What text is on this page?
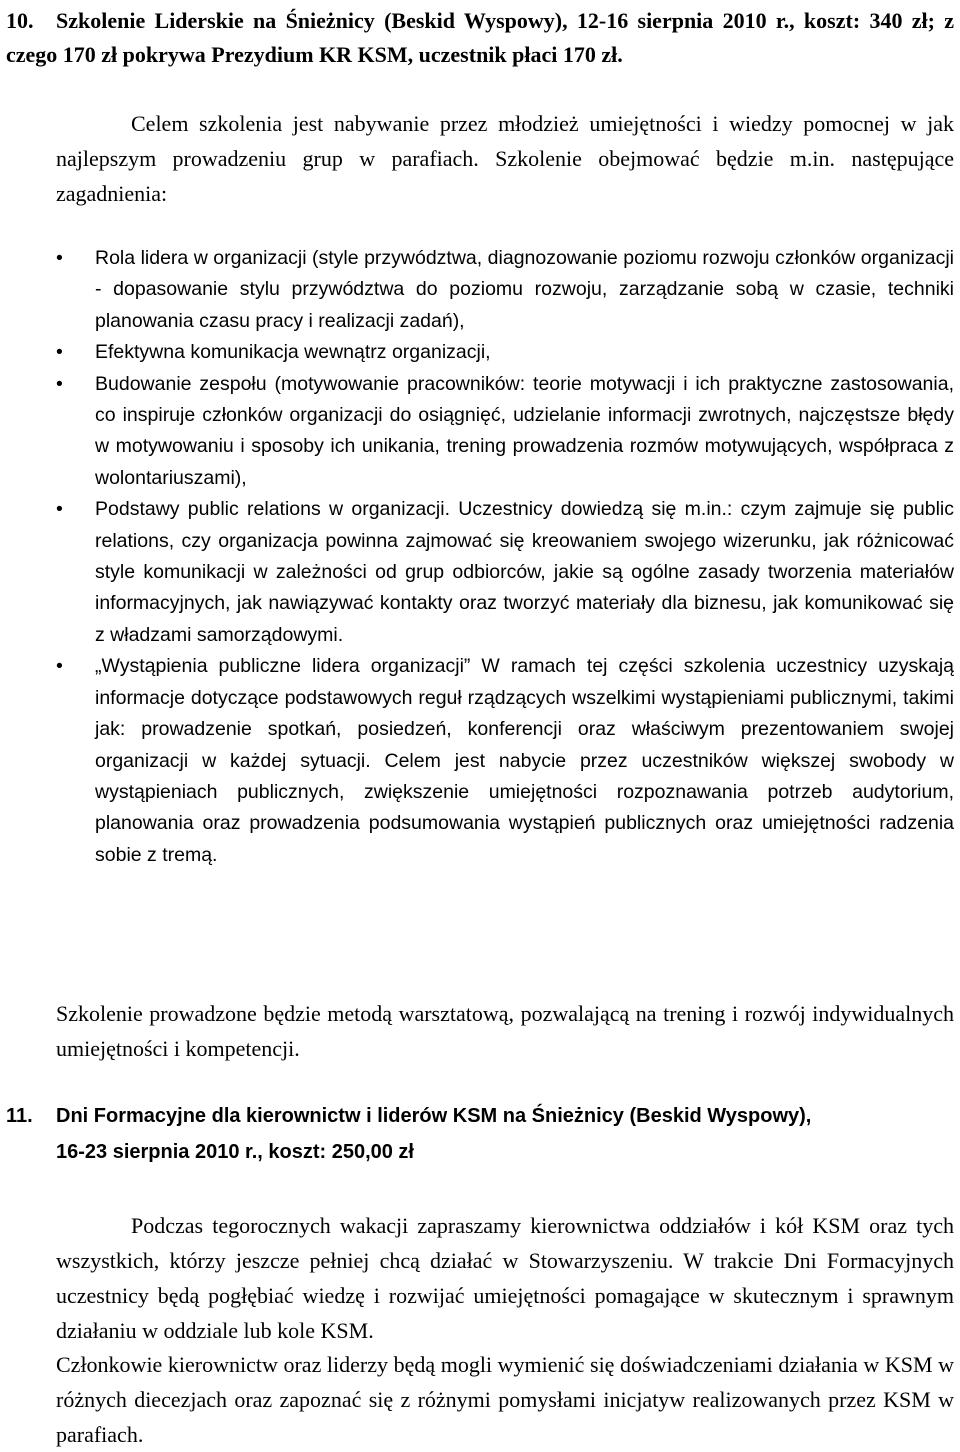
10. Szkolenie Liderskie na Śnieżnicy (Beskid Wyspowy), 12-16 sierpnia 2010 r., koszt: 340 zł; z czego 170 zł pokrywa Prezydium KR KSM, uczestnik płaci 170 zł.
Celem szkolenia jest nabywanie przez młodzież umiejętności i wiedzy pomocnej w jak najlepszym prowadzeniu grup w parafiach. Szkolenie obejmować będzie m.in. następujące zagadnienia:
• Rola lidera w organizacji (style przywództwa, diagnozowanie poziomu rozwoju członków organizacji - dopasowanie stylu przywództwa do poziomu rozwoju, zarządzanie sobą w czasie, techniki planowania czasu pracy i realizacji zadań),
• Efektywna komunikacja wewnątrz organizacji,
• Budowanie zespołu (motywowanie pracowników: teorie motywacji i ich praktyczne zastosowania, co inspiruje członków organizacji do osiągnięć, udzielanie informacji zwrotnych, najczęstsze błędy w motywowaniu i sposoby ich unikania, trening prowadzenia rozmów motywujących, współpraca z wolontariuszami),
• Podstawy public relations w organizacji. Uczestnicy dowiedzą się m.in.: czym zajmuje się public relations, czy organizacja powinna zajmować się kreowaniem swojego wizerunku, jak różnicować style komunikacji w zależności od grup odbiorców, jakie są ogólne zasady tworzenia materiałów informacyjnych, jak nawiązywać kontakty oraz tworzyć materiały dla biznesu, jak komunikować się z władzami samorządowymi.
• „Wystąpienia publiczne lidera organizacji” W ramach tej części szkolenia uczestnicy uzyskają informacje dotyczące podstawowych reguł rządzących wszelkimi wystąpieniami publicznymi, takimi jak: prowadzenie spotkań, posiedzeń, konferencji oraz właściwym prezentowaniem swojej organizacji w każdej sytuacji. Celem jest nabycie przez uczestników większej swobody w wystąpieniach publicznych, zwiększenie umiejętności rozpoznawania potrzeb audytorium, planowania oraz prowadzenia podsumowania wystąpień publicznych oraz umiejętności radzenia sobie z tremą.
Szkolenie prowadzone będzie metodą warsztatową, pozwalającą na trening i rozwój indywidualnych umiejętności i kompetencji.
11. Dni Formacyjne dla kierownictw i liderów KSM na Śnieżnicy (Beskid Wyspowy),
16-23 sierpnia 2010 r., koszt: 250,00 zł
Podczas tegorocznych wakacji zapraszamy kierownictwa oddziałów i kół KSM oraz tych wszystkich, którzy jeszcze pełniej chcą działać w Stowarzyszeniu. W trakcie Dni Formacyjnych uczestnicy będą pogłębiać wiedzę i rozwijać umiejętności pomagające w skutecznym i sprawnym działaniu w oddziale lub kole KSM.
Członkowie kierownictw oraz liderzy będą mogli wymienić się doświadczeniami działania w KSM w różnych diecezjach oraz zapoznać się z różnymi pomysłami inicjatyw realizowanych przez KSM w parafiach.
